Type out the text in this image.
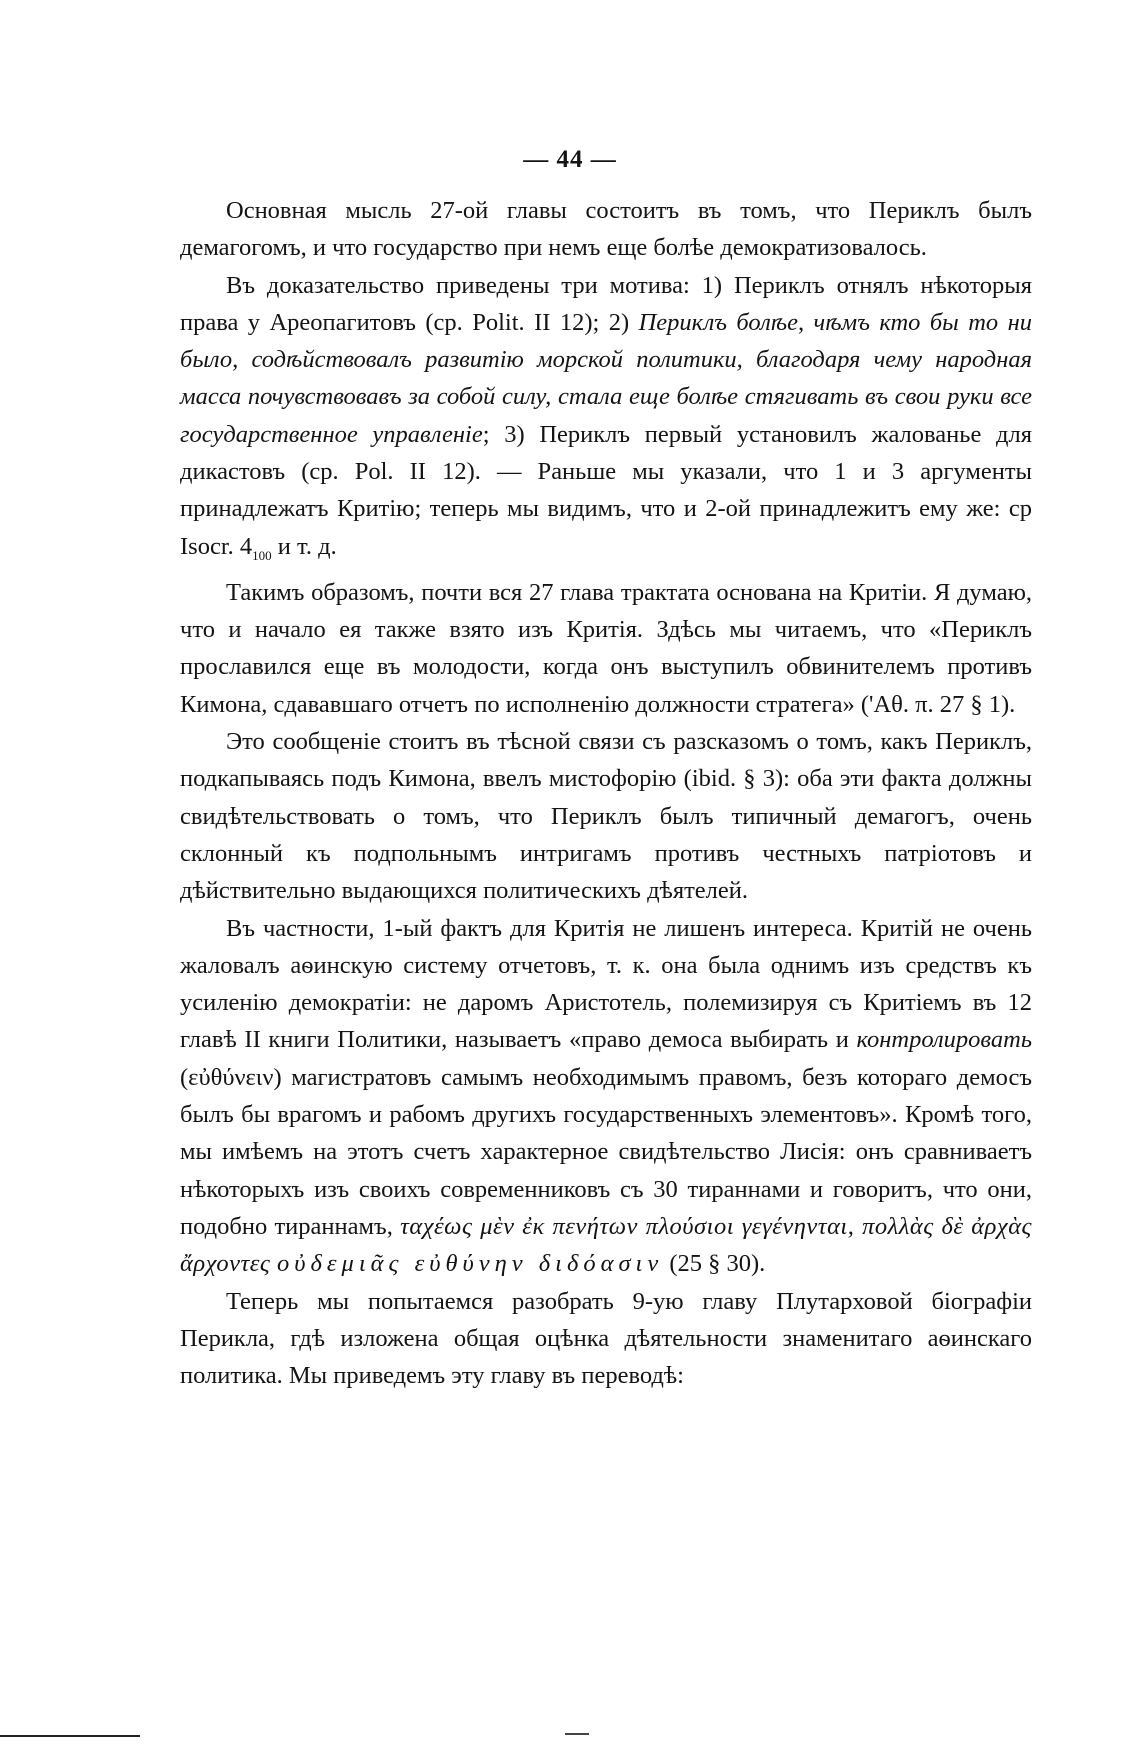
— 44 —

Основная мысль 27-ой главы состоитъ въ томъ, что Периклъ былъ демагогомъ, и что государство при немъ еще болѣе демократизовалось.

Въ доказательство приведены три мотива: 1) Периклъ отнялъ нѣкоторыя права у Ареопагитовъ (ср. Polit. II 12); 2) Периклъ болѣе, чѣмъ кто бы то ни было, содѣйствовалъ развитію морской политики, благодаря чему народная масса почувствовавъ за собой силу, стала еще болѣе стягивать въ свои руки все государственное управленіе; 3) Периклъ первый установилъ жалованье для дикастовъ (ср. Pol. II 12). — Раньше мы указали, что 1 и 3 аргументы принадлежатъ Критію; теперь мы видимъ, что и 2-ой принадлежитъ ему же: ср Isocr. $4_{100}$ и т. д.

Такимъ образомъ, почти вся 27 глава трактата основана на Критіи. Я думаю, что и начало ея также взято изъ Критія. Здѣсь мы читаемъ, что «Периклъ прославился еще въ молодости, когда онъ выступилъ обвинителемъ противъ Кимона, сдававшаго отчетъ по исполненію должности стратега» ('Αθ. π. 27 § 1).

Это сообщеніе стоитъ въ тѣсной связи съ разсказомъ о томъ, какъ Периклъ, подкапываясь подъ Кимона, ввелъ мистофорію (ibid. § 3): оба эти факта должны свидѣтельствовать о томъ, что Периклъ былъ типичный демагогъ, очень склонный къ подпольнымъ интригамъ противъ честныхъ патріотовъ и дѣйствительно выдающихся политическихъ дѣятелей.

Въ частности, 1-ый фактъ для Критія не лишенъ интереса. Критій не очень жаловалъ аѳинскую систему отчетовъ, т. к. она была однимъ изъ средствъ къ усиленію демократіи: не даромъ Аристотель, полемизируя съ Критіемъ въ 12 главѣ II книги Политики, называетъ «право демоса выбирать и контролировать (εὐθύνειν) магистратовъ самымъ необходимымъ правомъ, безъ котораго демосъ былъ бы врагомъ и рабомъ другихъ государственныхъ элементовъ». Кромѣ того, мы имѣемъ на этотъ счетъ характерное свидѣтельство Лисія: онъ сравниваетъ нѣкоторыхъ изъ своихъ современниковъ съ 30 тираннами и говоритъ, что они, подобно тираннамъ, ταχέως μὲν ἐκ πενήτων πλούσιοι γεγένηνται, πολλὰς δὲ ἀρχὰς ἄρχοντες οὐδεμιᾶς εὐθύνην διδόασιν (25 § 30).

Теперь мы попытаемся разобрать 9-ую главу Плутарховой біографіи Перикла, гдѣ изложена общая оцѣнка дѣятельности знаменитаго аѳинскаго политика. Мы приведемъ эту главу въ переводѣ:
